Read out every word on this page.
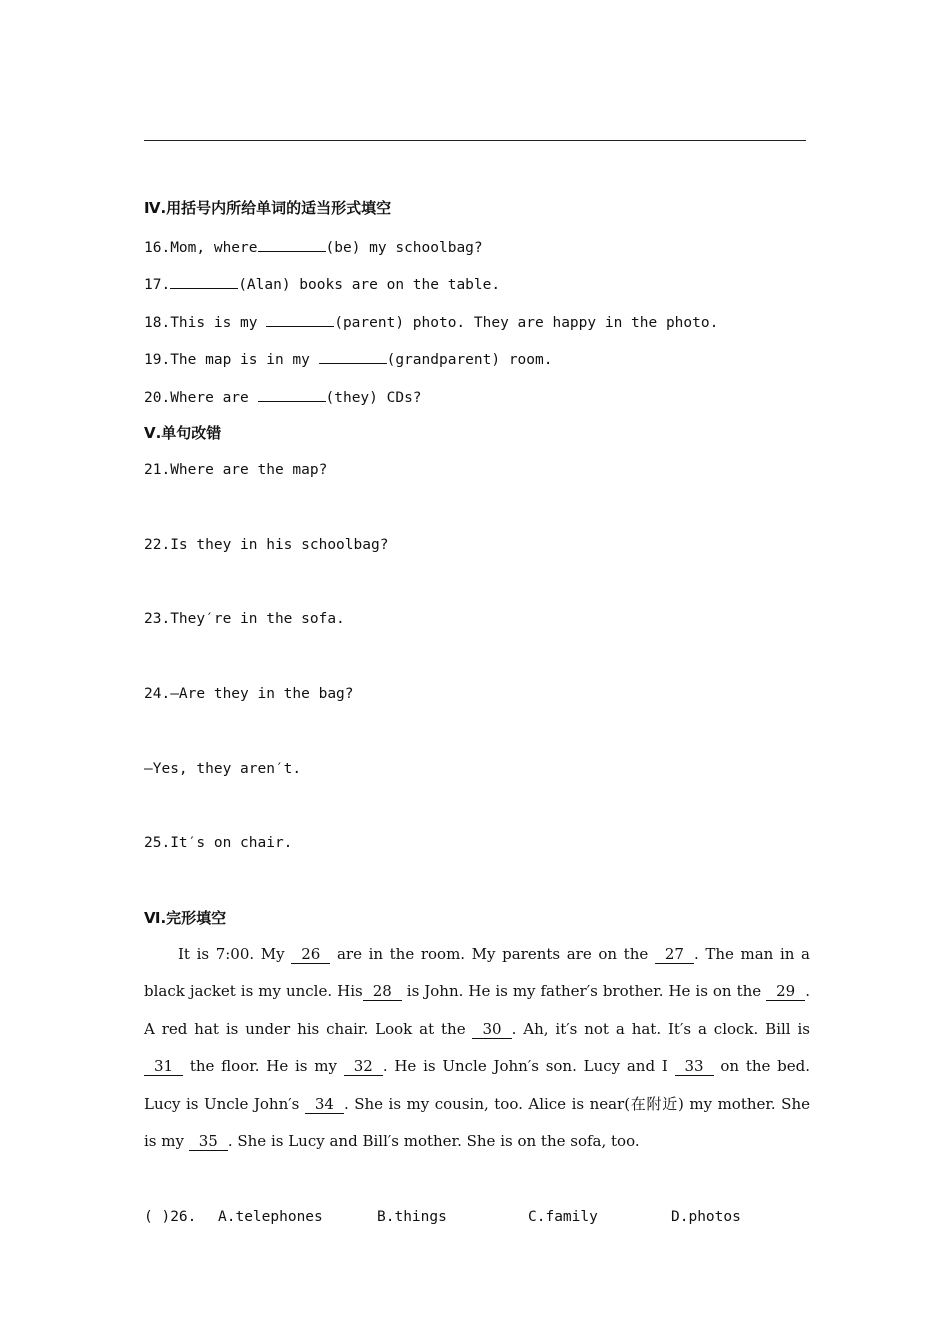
Ⅳ.用括号内所给单词的适当形式填空
16.Mom, where	(be) my schoolbag?
17.	(Alan) books are on the table.
18.This is my	(parent) photo. They are happy in the photo.
19.The map is in my	(grandparent) room.
20.Where are	(they) CDs?
Ⅴ.单句改错
21.Where are the map?
22.Is they in his schoolbag?
23.They′re in the sofa.
24.—Are they in the bag?
—Yes, they aren′t.
25.It′s on chair.
Ⅵ.完形填空

It is 7:00. My 26 are in the room. My parents are on the 27 . The man in a black jacket is my uncle. His 28 is John. He is my father′s brother. He is on the 29 . A red hat is under his chair. Look at the 30 . Ah, it′s not a hat. It′s a clock. Bill is 31 the floor. He is my 32 . He is Uncle John′s son. Lucy and I 33 on the bed. Lucy is Uncle John′s 34 . She is my cousin, too. Alice is near(在附近) my mother. She is my 35 . She is Lucy and Bill′s mother. She is on the sofa, too.

( )26. A.telephones	B.things	C.family	D.photos
